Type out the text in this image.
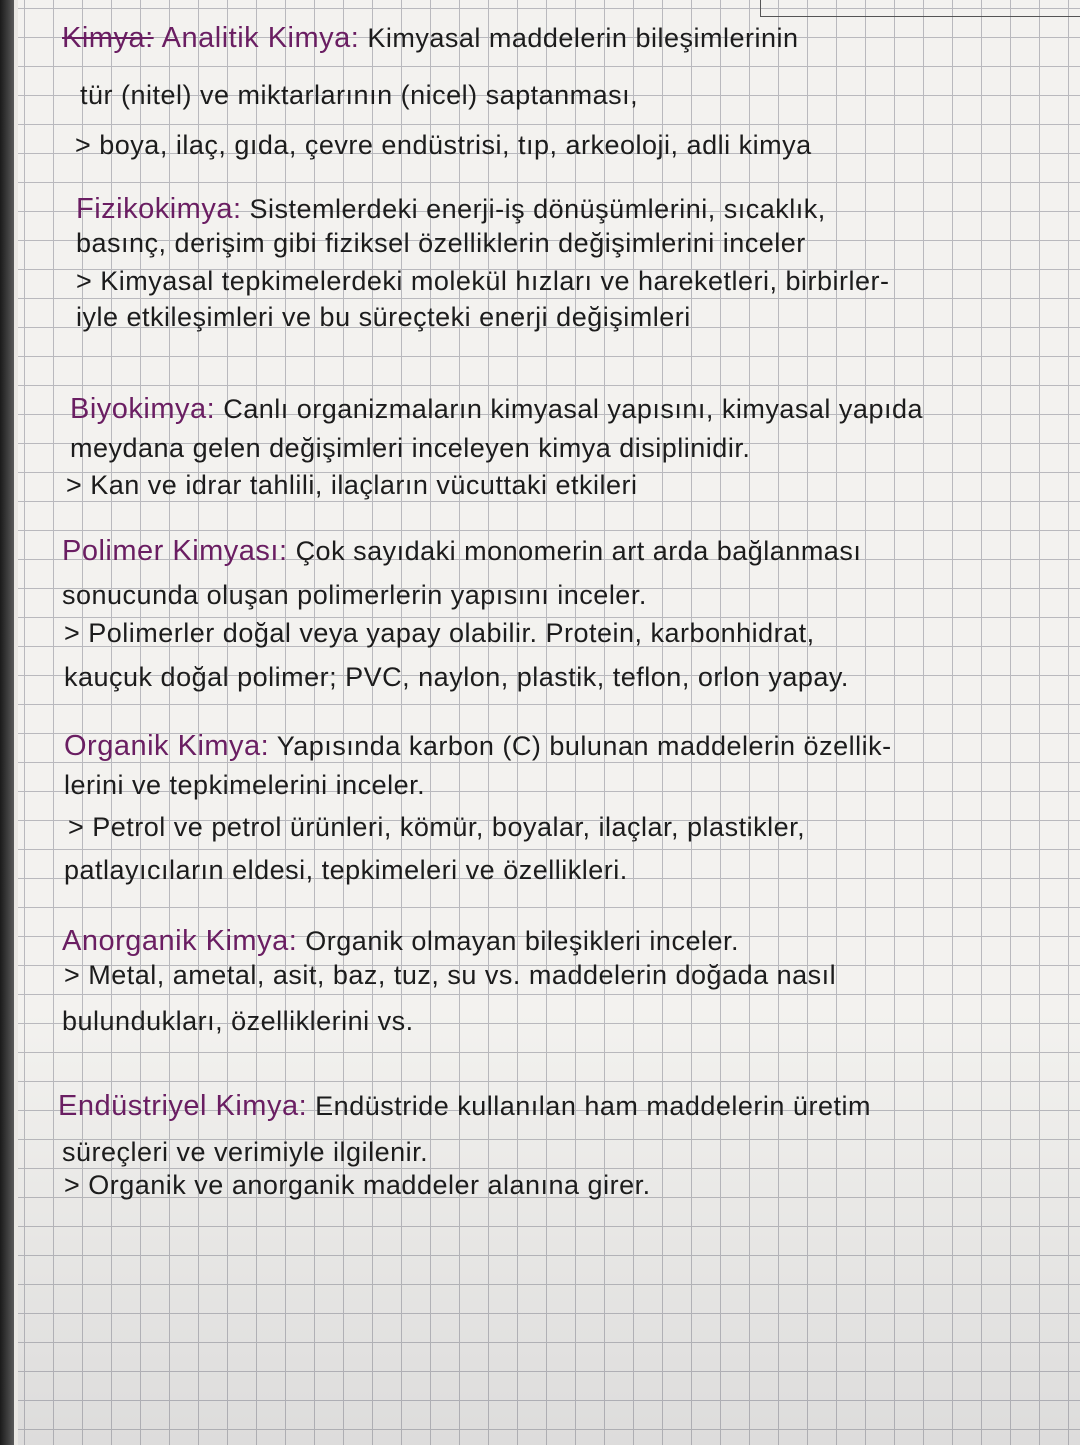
Kimya: Analitik Kimya: Kimyasal maddelerin bileşimlerinin
tür (nitel) ve miktarlarının (nicel) saptanması,
> boya, ilaç, gıda, çevre endüstrisi, tıp, arkeoloji, adli kimya
Fizikokimya: Sistemlerdeki enerji-iş dönüşümlerini, sıcaklık,
basınç, derişim gibi fiziksel özelliklerin değişimlerini inceler
> Kimyasal tepkimelerdeki molekül hızları ve hareketleri, birbirler-
iyle etkileşimleri ve bu süreçteki enerji değişimleri
Biyokimya: Canlı organizmaların kimyasal yapısını, kimyasal yapıda
meydana gelen değişimleri inceleyen kimya disiplinidir.
> Kan ve idrar tahlili, ilaçların vücuttaki etkileri
Polimer Kimyası: Çok sayıdaki monomerin art arda bağlanması
sonucunda oluşan polimerlerin yapısını inceler.
> Polimerler doğal veya yapay olabilir. Protein, karbonhidrat,
kauçuk doğal polimer; PVC, naylon, plastik, teflon, orlon yapay.
Organik Kimya: Yapısında karbon (C) bulunan maddelerin özellik-
lerini ve tepkimelerini inceler.
> Petrol ve petrol ürünleri, kömür, boyalar, ilaçlar, plastikler,
patlayıcıların eldesi, tepkimeleri ve özellikleri.
Anorganik Kimya: Organik olmayan bileşikleri inceler.
> Metal, ametal, asit, baz, tuz, su vs. maddelerin doğada nasıl
bulundukları, özelliklerini vs.
Endüstriyel Kimya: Endüstride kullanılan ham maddelerin üretim
süreçleri ve verimiyle ilgilenir.
> Organik ve anorganik maddeler alanına girer.
